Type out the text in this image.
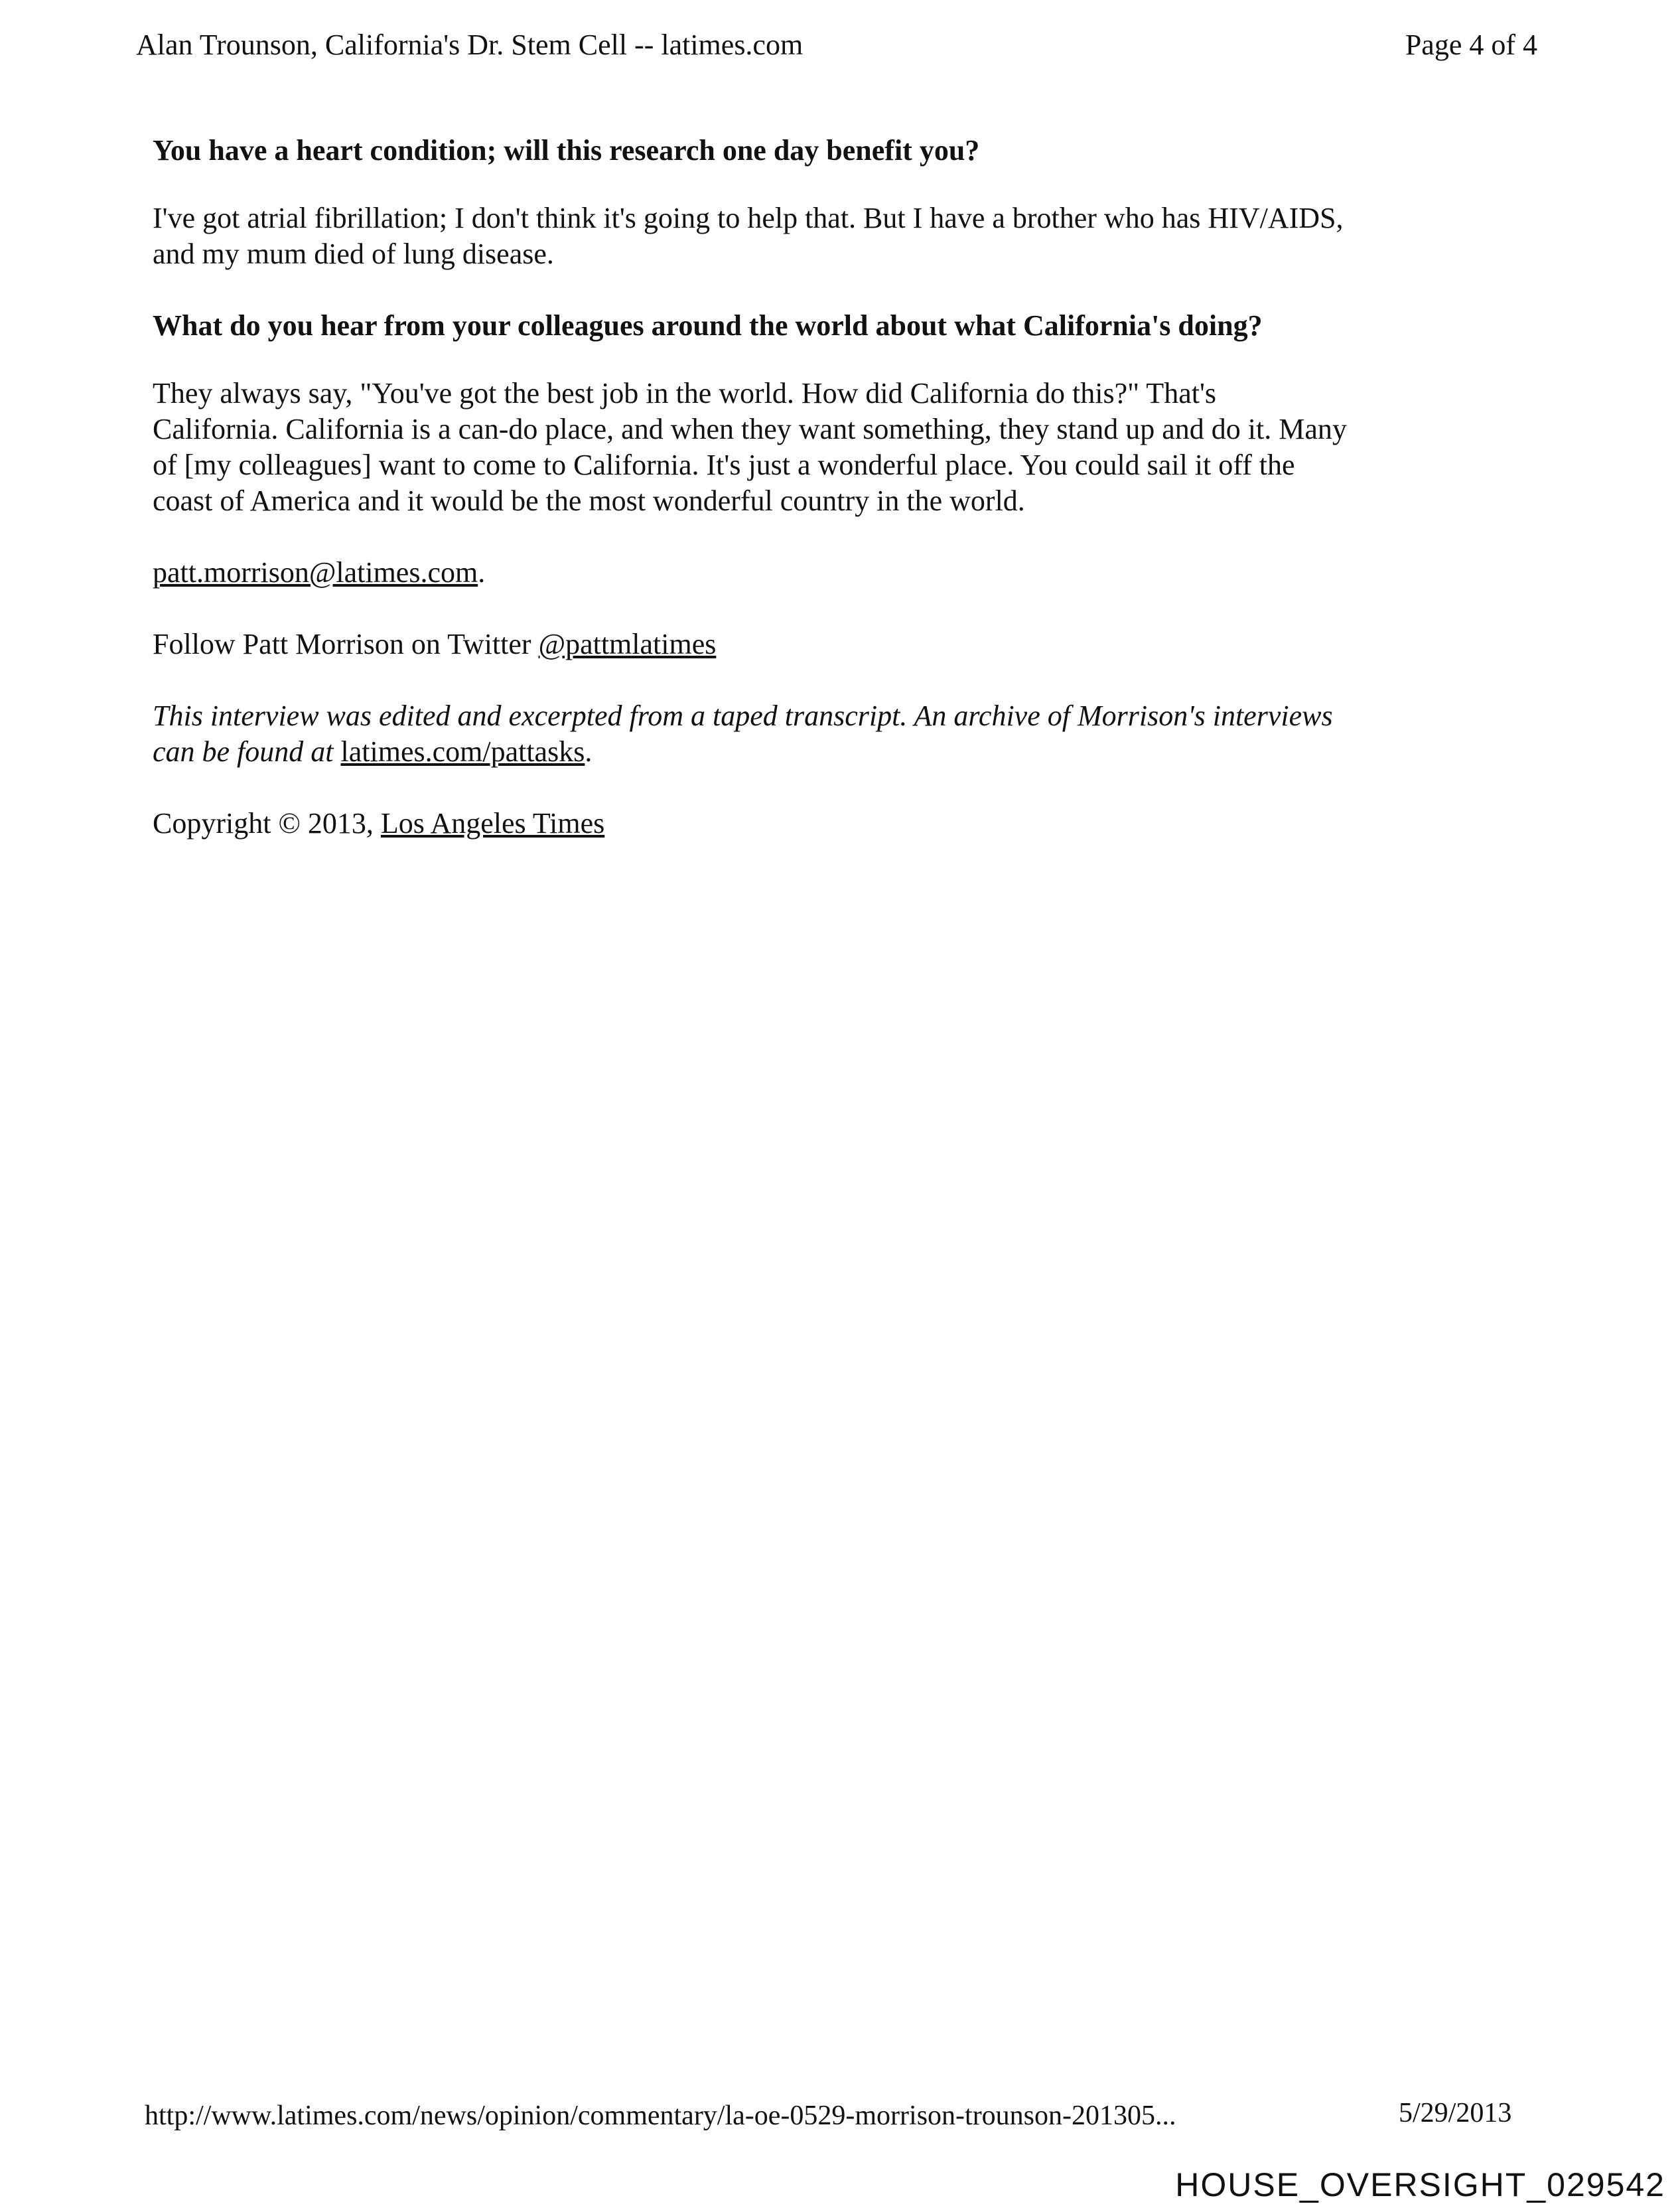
Alan Trounson, California's Dr. Stem Cell -- latimes.com	Page 4 of 4
You have a heart condition; will this research one day benefit you?
I've got atrial fibrillation; I don't think it's going to help that. But I have a brother who has HIV/AIDS,
and my mum died of lung disease.
What do you hear from your colleagues around the world about what California's doing?
They always say, "You've got the best job in the world. How did California do this?" That's
California. California is a can-do place, and when they want something, they stand up and do it. Many
of [my colleagues] want to come to California. It's just a wonderful place. You could sail it off the
coast of America and it would be the most wonderful country in the world.
patt.morrison@latimes.com.
Follow Patt Morrison on Twitter @pattmlatimes
This interview was edited and excerpted from a taped transcript. An archive of Morrison's interviews
can be found at latimes.com/pattasks.
Copyright © 2013, Los Angeles Times
http://www.latimes.com/news/opinion/commentary/la-oe-0529-morrison-trounson-201305...	5/29/2013
HOUSE_OVERSIGHT_029542
